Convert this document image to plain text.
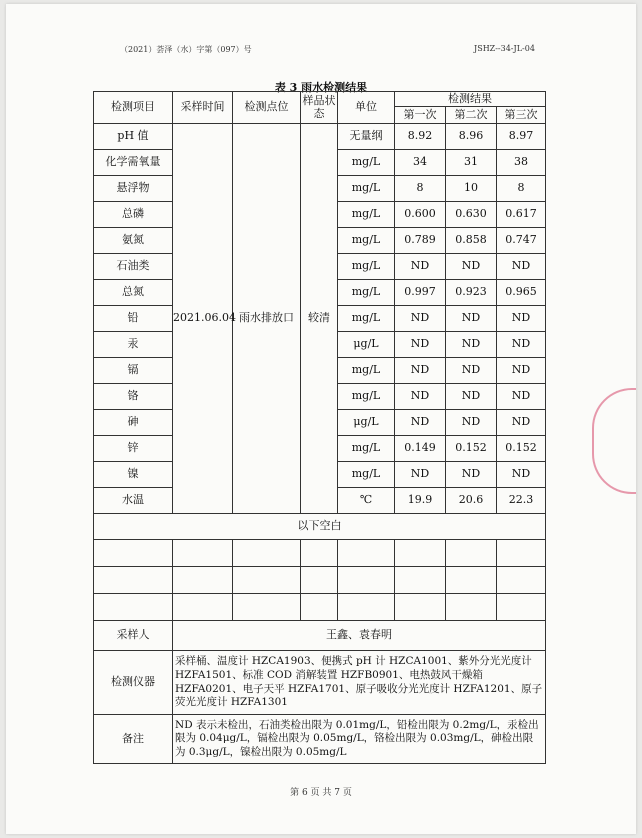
（2021）荟泽（水）字第（097）号	JSHZ--34-JL-04
表 3 雨水检测结果
检测项目	采样时间	检测点位	样品状态	单位	检测结果		
					第一次	第二次	第三次
pH 值	2021.06.04	雨水排放口	较清	无量纲	8.92	8.96	8.97
化学需氧量				mg/L	34	31	38
悬浮物				mg/L	8	10	8
总磷				mg/L	0.600	0.630	0.617
氨氮				mg/L	0.789	0.858	0.747
石油类				mg/L	ND	ND	ND
总氮				mg/L	0.997	0.923	0.965
铅				mg/L	ND	ND	ND
汞				μg/L	ND	ND	ND
镉				mg/L	ND	ND	ND
铬				mg/L	ND	ND	ND
砷				μg/L	ND	ND	ND
锌				mg/L	0.149	0.152	0.152
镍				mg/L	ND	ND	ND
水温				℃	19.9	20.6	22.3
以下空白							

采样人	王鑫、袁春明						
检测仪器	采样桶、温度计 HZCA1903、便携式 pH 计 HZCA1001、紫外分光光度计 HZFA1501、标准 COD 消解装置 HZFB0901、电热鼓风干燥箱 HZFA0201、电子天平 HZFA1701、原子吸收分光光度计 HZFA1201、原子荧光光度计 HZFA1301						
备注	ND 表示未检出，石油类检出限为 0.01mg/L，铅检出限为 0.2mg/L，汞检出限为 0.04μg/L，镉检出限为 0.05mg/L，铬检出限为 0.03mg/L，砷检出限为 0.3μg/L，镍检出限为 0.05mg/L						
第 6 页 共 7 页
